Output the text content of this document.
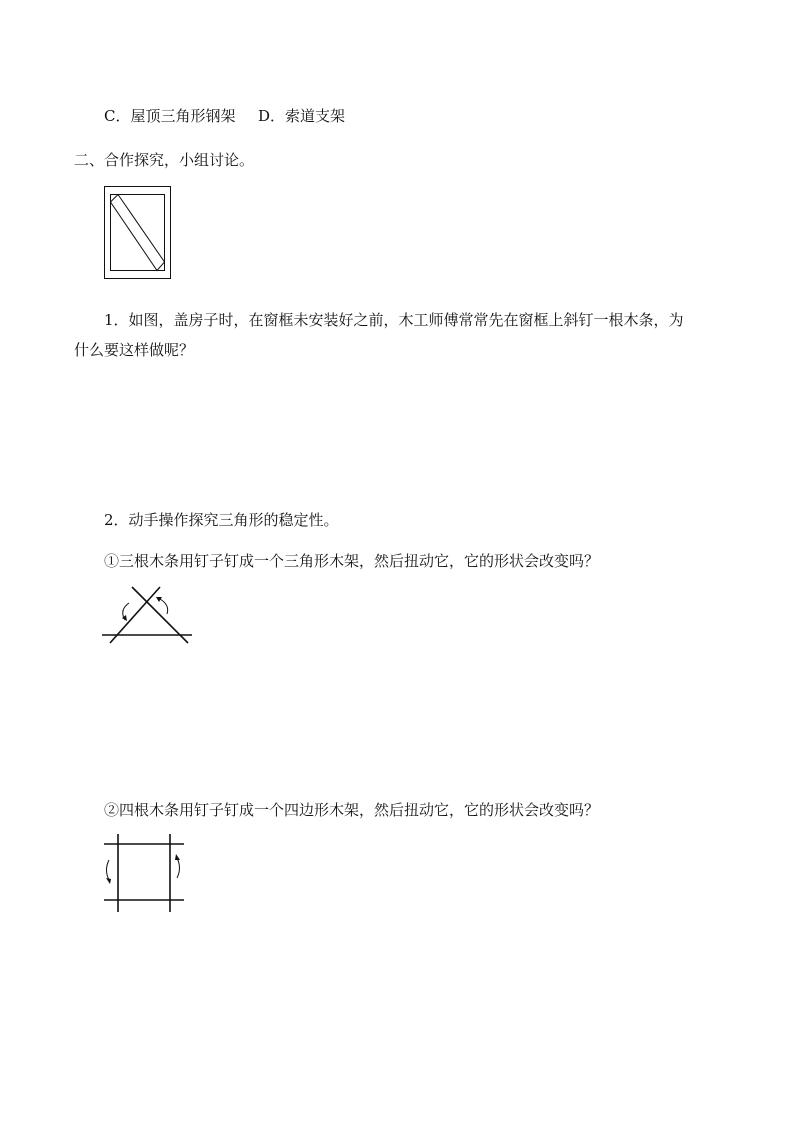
C．屋顶三角形钢架 D．索道支架
二、合作探究，小组讨论。
1．如图，盖房子时，在窗框未安装好之前，木工师傅常常先在窗框上斜钉一根木条，为
什么要这样做呢？
2．动手操作探究三角形的稳定性。
①三根木条用钉子钉成一个三角形木架，然后扭动它，它的形状会改变吗？
②四根木条用钉子钉成一个四边形木架，然后扭动它，它的形状会改变吗？
